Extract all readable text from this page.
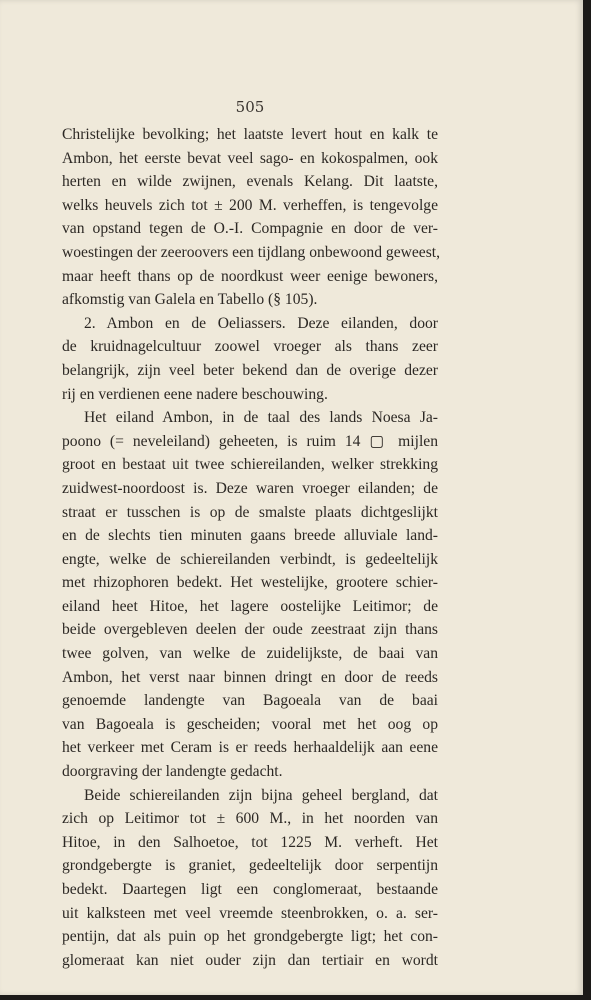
505
Christelijke bevolking; het laatste levert hout en kalk te
Ambon, het eerste bevat veel sago- en kokospalmen, ook
herten en wilde zwijnen, evenals Kelang. Dit laatste,
welks heuvels zich tot ± 200 M. verheffen, is tengevolge
van opstand tegen de O.-I. Compagnie en door de ver-
woestingen der zeeroovers een tijdlang onbewoond geweest,
maar heeft thans op de noordkust weer eenige bewoners,
afkomstig van Galela en Tabello (§ 105).
2. Ambon en de Oeliassers. Deze eilanden, door
de kruidnagelcultuur zoowel vroeger als thans zeer
belangrijk, zijn veel beter bekend dan de overige dezer
rij en verdienen eene nadere beschouwing.
Het eiland Ambon, in de taal des lands Noesa Ja-
poono (= neveleiland) geheeten, is ruim 14 ▢ mijlen
groot en bestaat uit twee schiereilanden, welker strekking
zuidwest-noordoost is. Deze waren vroeger eilanden; de
straat er tusschen is op de smalste plaats dichtgeslijkt
en de slechts tien minuten gaans breede alluviale land-
engte, welke de schiereilanden verbindt, is gedeeltelijk
met rhizophoren bedekt. Het westelijke, grootere schier-
eiland heet Hitoe, het lagere oostelijke Leitimor; de
beide overgebleven deelen der oude zeestraat zijn thans
twee golven, van welke de zuidelijkste, de baai van
Ambon, het verst naar binnen dringt en door de reeds
genoemde landengte van Bagoeala van de baai
van Bagoeala is gescheiden; vooral met het oog op
het verkeer met Ceram is er reeds herhaaldelijk aan eene
doorgraving der landengte gedacht.
Beide schiereilanden zijn bijna geheel bergland, dat
zich op Leitimor tot ± 600 M., in het noorden van
Hitoe, in den Salhoetoe, tot 1225 M. verheft. Het
grondgebergte is graniet, gedeeltelijk door serpentijn
bedekt. Daartegen ligt een conglomeraat, bestaande
uit kalksteen met veel vreemde steenbrokken, o. a. ser-
pentijn, dat als puin op het grondgebergte ligt; het con-
glomeraat kan niet ouder zijn dan tertiair en wordt
